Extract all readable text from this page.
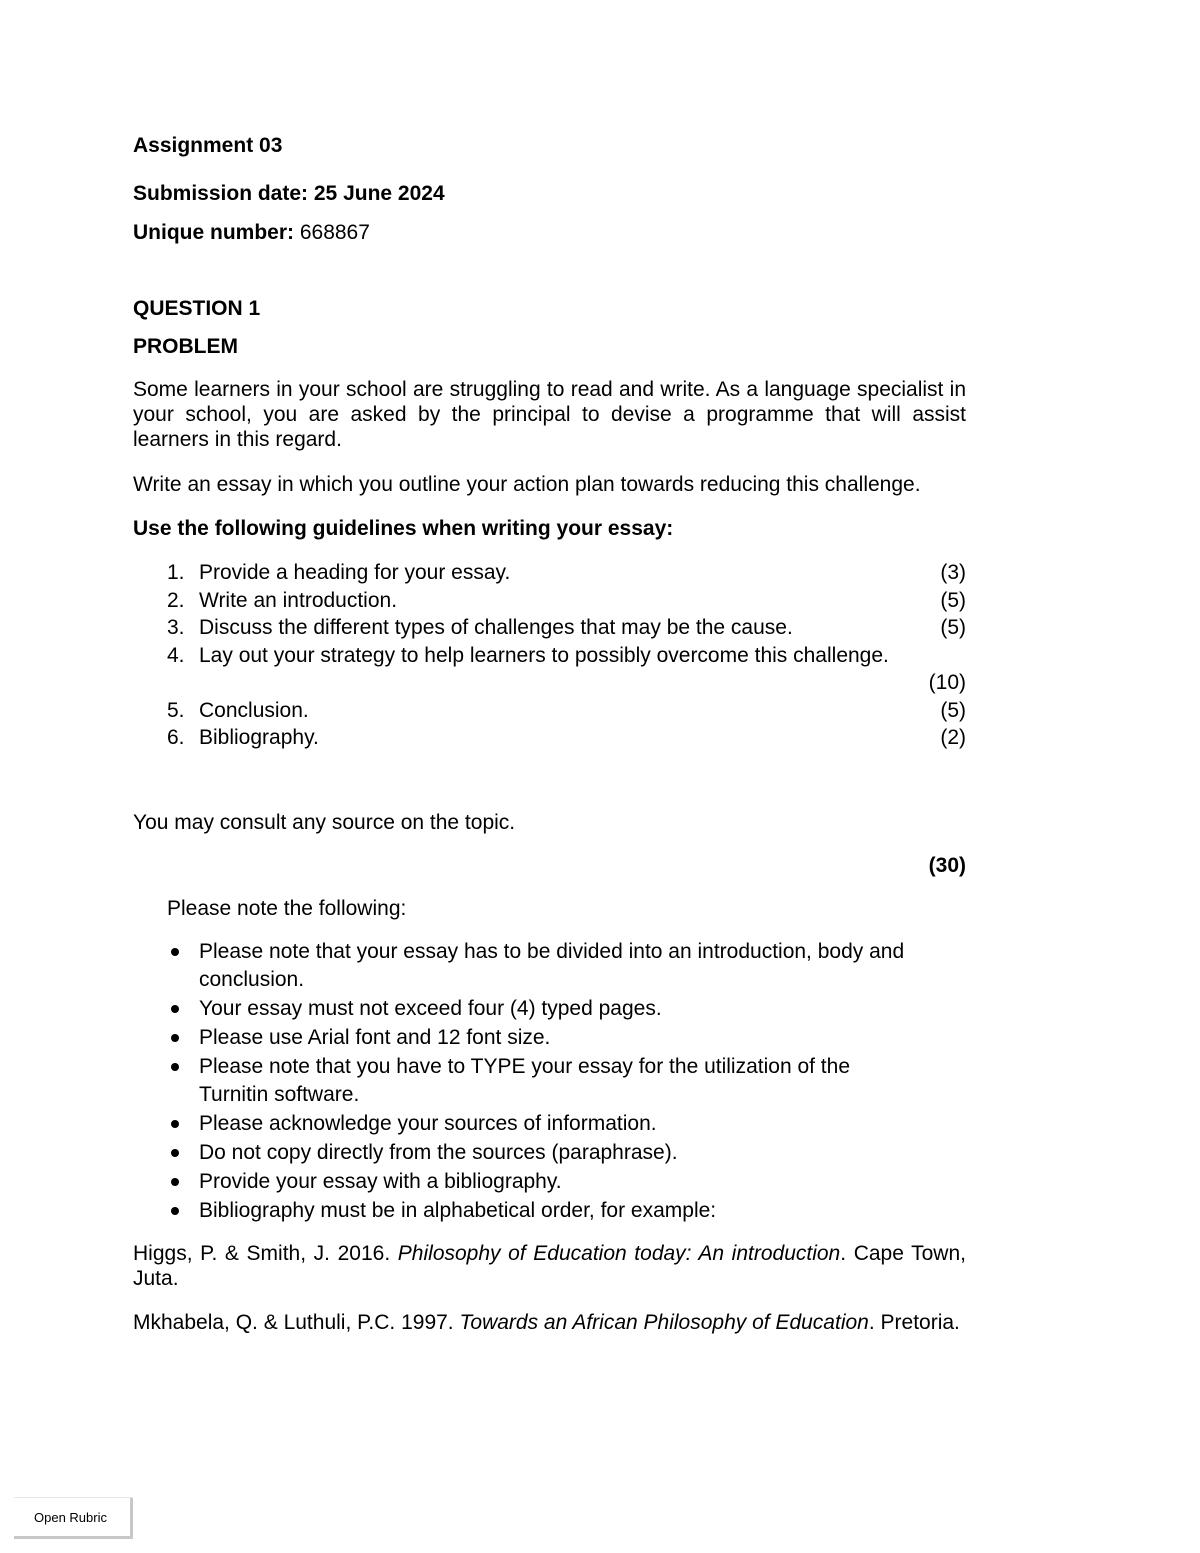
Assignment 03
Submission date: 25 June 2024
Unique number: 668867
QUESTION 1
PROBLEM
Some learners in your school are struggling to read and write. As a language specialist in your school, you are asked by the principal to devise a programme that will assist learners in this regard.
Write an essay in which you outline your action plan towards reducing this challenge.
Use the following guidelines when writing your essay:
1. Provide a heading for your essay.	(3)
2. Write an introduction.	(5)
3. Discuss the different types of challenges that may be the cause.	(5)
4. Lay out your strategy to help learners to possibly overcome this challenge.
(10)
5. Conclusion.	(5)
6. Bibliography.	(2)
You may consult any source on the topic.
(30)
Please note the following:
Please note that your essay has to be divided into an introduction, body and conclusion.
Your essay must not exceed four (4) typed pages.
Please use Arial font and 12 font size.
Please note that you have to TYPE your essay for the utilization of the Turnitin software.
Please acknowledge your sources of information.
Do not copy directly from the sources (paraphrase).
Provide your essay with a bibliography.
Bibliography must be in alphabetical order, for example:
Higgs, P. & Smith, J. 2016. Philosophy of Education today: An introduction. Cape Town, Juta.
Mkhabela, Q. & Luthuli, P.C. 1997. Towards an African Philosophy of Education. Pretoria.
Open Rubric
